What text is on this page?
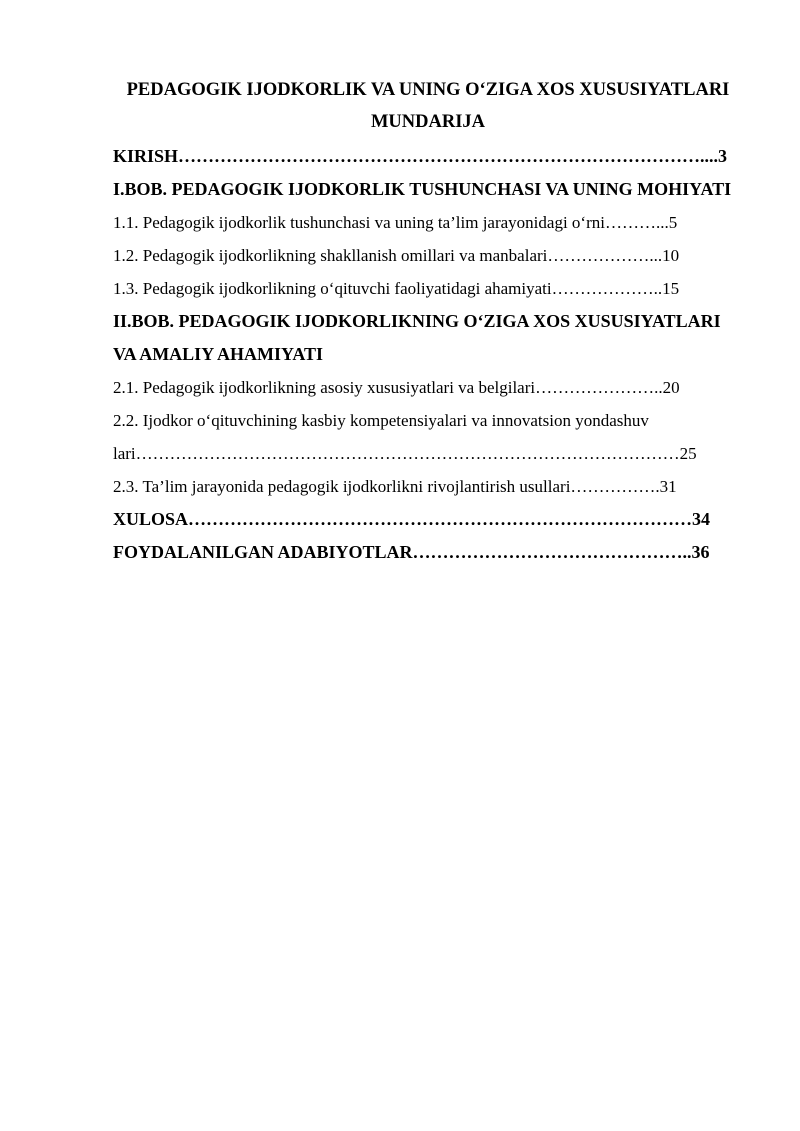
PEDAGOGIK IJODKORLIK VA UNING O‘ZIGA XOS XUSUSIYATLARI
MUNDARIJA
KIRISH……………………………………………………………………………....3
I.BOB. PEDAGOGIK IJODKORLIK TUSHUNCHASI VA UNING MOHIYATI
1.1. Pedagogik ijodkorlik tushunchasi va uning ta’lim jarayonidagi o‘rni………...5
1.2. Pedagogik ijodkorlikning shakllanish omillari va manbalari………………...10
1.3. Pedagogik ijodkorlikning o‘qituvchi faoliyatidagi ahamiyati………………..15
II.BOB. PEDAGOGIK IJODKORLIKNING O‘ZIGA XOS XUSUSIYATLARI VA AMALIY AHAMIYATI
2.1. Pedagogik ijodkorlikning asosiy xususiyatlari va belgilari…………………..20
2.2. Ijodkor o‘qituvchining kasbiy kompetensiyalari va innovatsion yondashuv
lari……………………………………………………………………………………25
2.3. Ta’lim jarayonida pedagogik ijodkorlikni rivojlantirish usullari…………….31
XULOSA…………………………………………………………………………34
FOYDALANILGAN ADABIYOTLAR………………………………………..36
